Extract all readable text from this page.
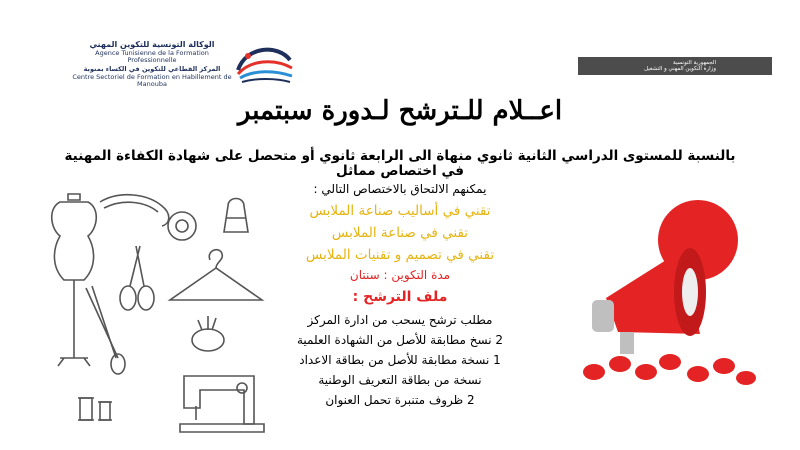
الوكالة التونسية للتكوين المهني
Agence Tunisienne de la Formation Professionnelle
المركز القطاعي للتكوين في الكساء بمنوبة
Centre Sectoriel de Formation en Habillement de Manouba
الجمهورية التونسية
وزارة التكوين المهني و التشغيل
اعــلام للـترشح لـدورة سبتمبر
بالنسبة للمستوى الدراسي الثانية ثانوي منهاة الى الرابعة ثانوي أو متحصل على شهادة الكفاءة المهنية
في اختصاص مماثل
يمكنهم الالتحاق بالاختصاص التالي :
تقني في أساليب صناعة الملابس
تقني في صناعة الملابس
تقني في تصميم و تقنيات الملابس
مدة التكوين : سنتان
ملف الترشح :
مطلب ترشح يسحب من ادارة المركز
2 نسخ مطابقة للأصل من الشهادة العلمية
1 نسخة مطابقة للأصل من بطاقة الاعداد
نسخة من بطاقة التعريف الوطنية
2 ظروف متنبرة تحمل العنوان
